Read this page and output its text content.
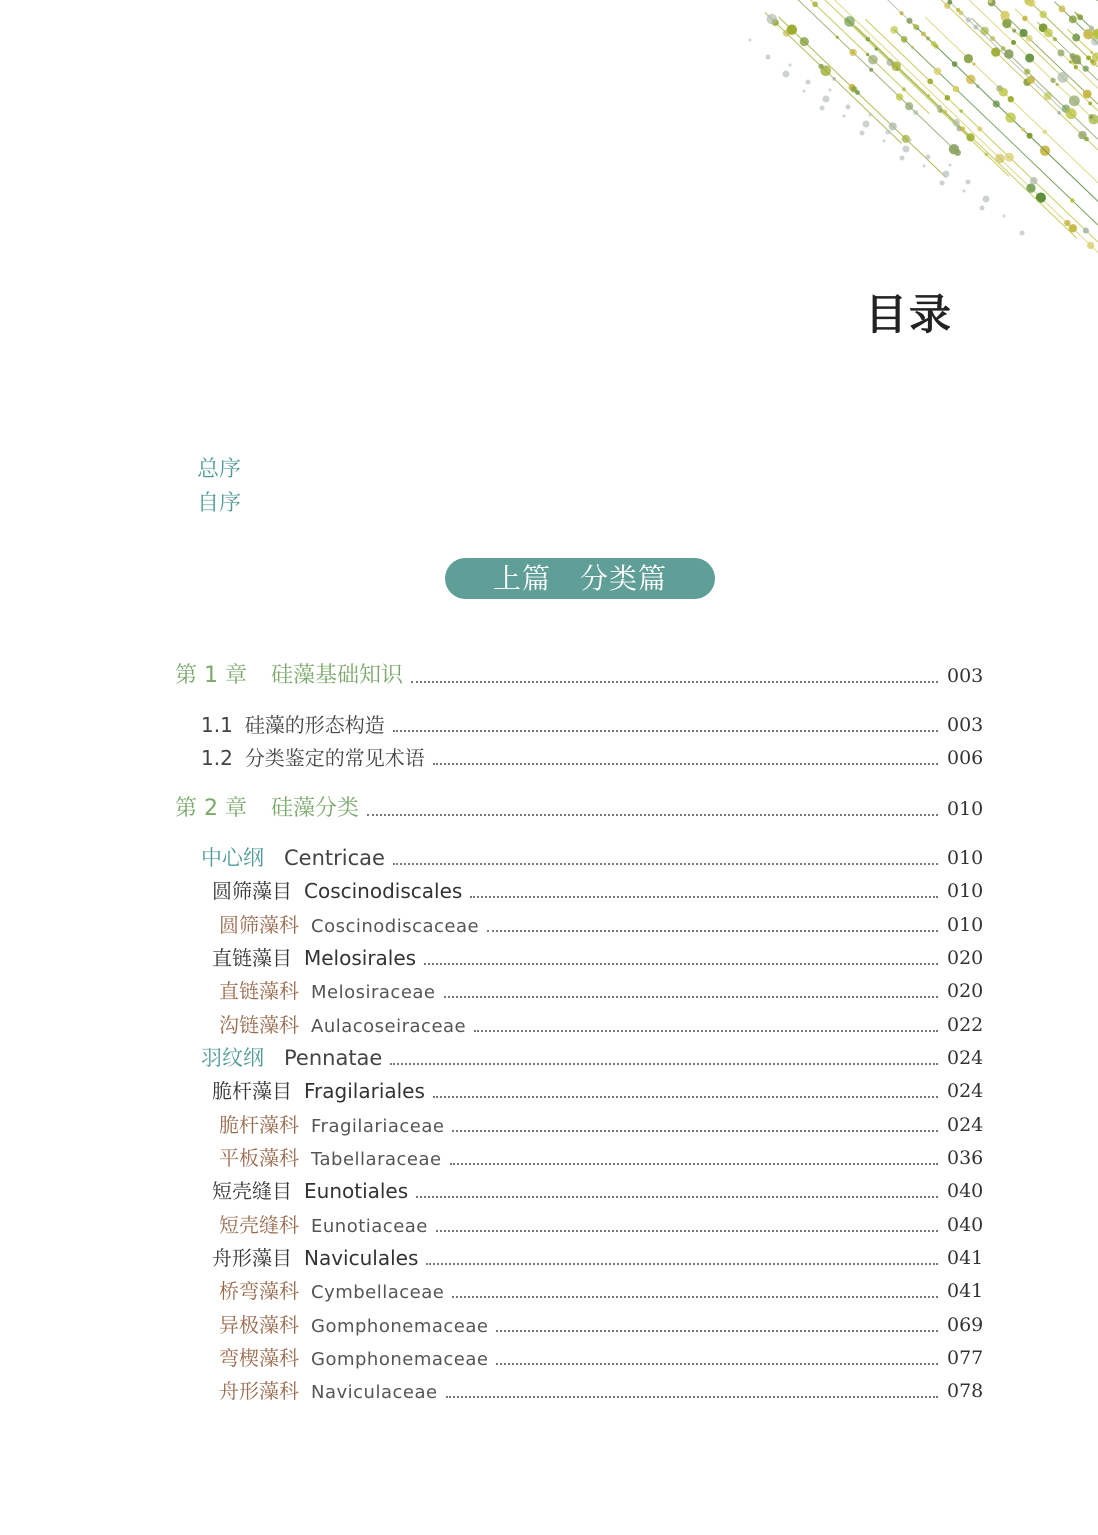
目录
总序
自序
上篇　分类篇
第 1 章 硅藻基础知识	003
1.1 硅藻的形态构造	003
1.2 分类鉴定的常见术语	006
第 2 章 硅藻分类	010
中心纲 Centricae	010
圆筛藻目 Coscinodiscales	010
圆筛藻科 Coscinodiscaceae	010
直链藻目 Melosirales	020
直链藻科 Melosiraceae	020
沟链藻科 Aulacoseiraceae	022
羽纹纲 Pennatae	024
脆杆藻目 Fragilariales	024
脆杆藻科 Fragilariaceae	024
平板藻科 Tabellaraceae	036
短壳缝目 Eunotiales	040
短壳缝科 Eunotiaceae	040
舟形藻目 Naviculales	041
桥弯藻科 Cymbellaceae	041
异极藻科 Gomphonemaceae	069
弯楔藻科 Gomphonemaceae	077
舟形藻科 Naviculaceae	078
